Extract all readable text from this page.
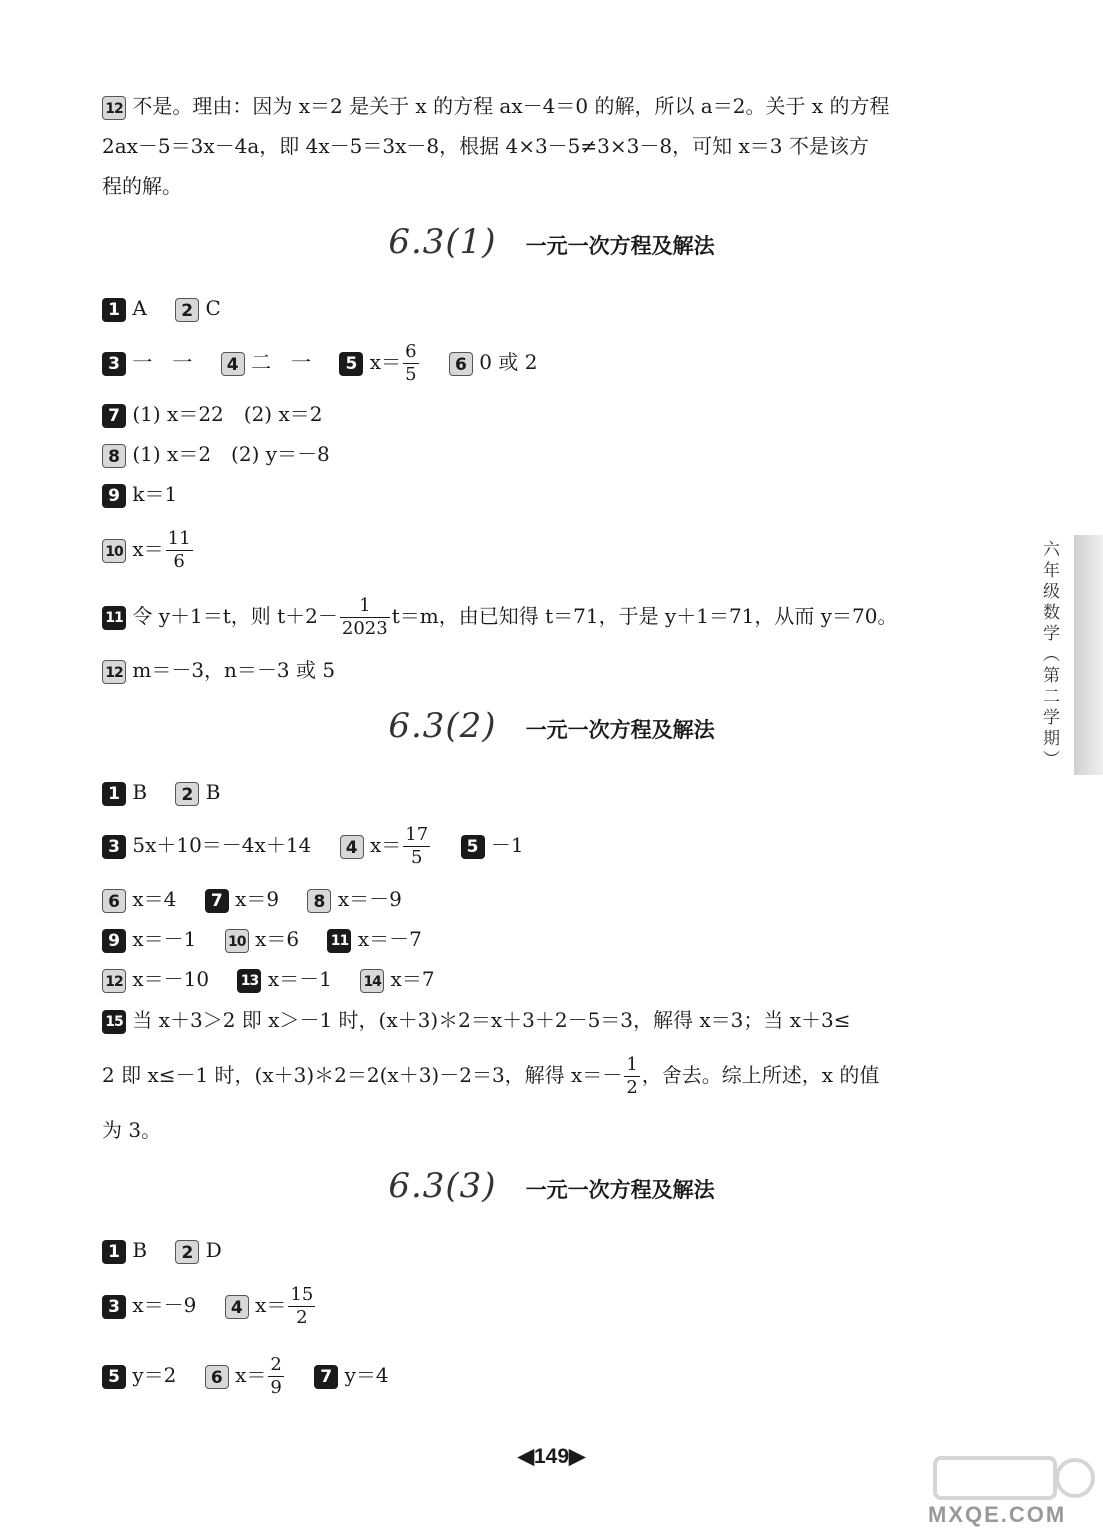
12 不是。理由：因为 x＝2 是关于 x 的方程 ax－4＝0 的解，所以 a＝2。关于 x 的方程
2ax－5＝3x－4a，即 4x－5＝3x－8，根据 4×3－5≠3×3－8，可知 x＝3 不是该方
程的解。
6.3(1) 一元一次方程及解法
1 A 2 C
3 一　一 4 二　一 5 $x= \frac{6}{5} 6$ 0 或 2
7 (1) x＝22　(2) x＝2
8 (1) x＝2　(2) y＝－8
9 k＝1
10 $x= \frac{11}{6}$
11 令 y＋1＝t，则 $t+2- \frac{1}{2023} t=m$，由已知得 t＝71，于是 y＋1＝71，从而 y＝70。
12 m＝－3，n＝－3 或 5
6.3(2) 一元一次方程及解法
1 B 2 B
3 5x＋10＝－4x＋14 4 $x= \frac{17}{5} 5 -1$
6 x＝4 7 x＝9 8 x＝－9
9 x＝－1 10 x＝6 11 x＝－7
12 x＝－10 13 x＝－1 14 x＝7
15 当 x＋3＞2 即 x＞－1 时，(x＋3)＊2＝x＋3＋2－5＝3，解得 x＝3；当 x＋3≤
2 即 x≤－1 时，(x＋3)＊2＝2(x＋3)－2＝3，解得 $x=- \frac{1}{2}$ ，舍去。综上所述，x 的值
为 3。
6.3(3) 一元一次方程及解法
1 B 2 D
3 x＝－9 4 $x= \frac{15}{2}$
5 y＝2 6 $x= \frac{2}{9} 7$ y＝4
六年级数学（第二学期）
◀149▶
MXQE.COM
